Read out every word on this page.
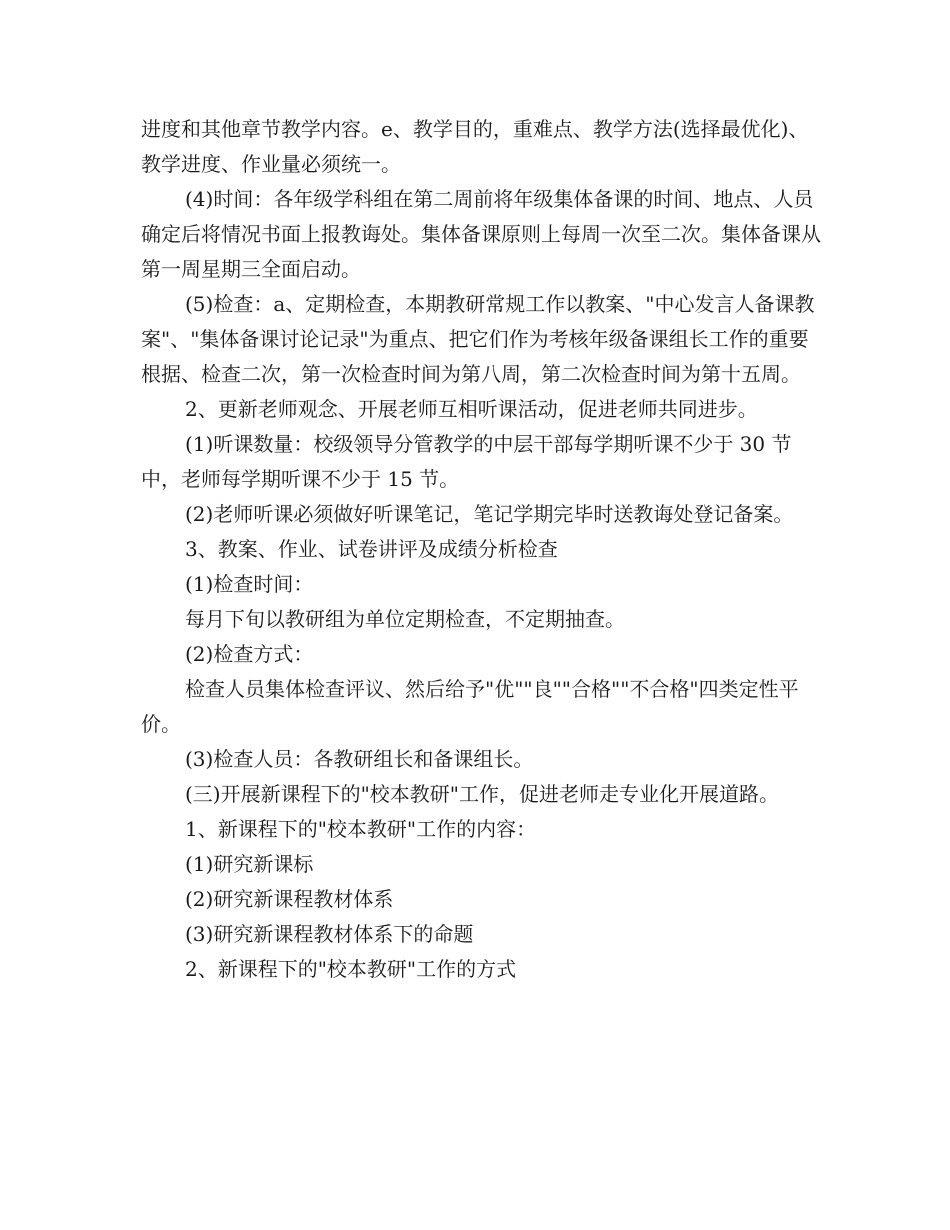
进度和其他章节教学内容。e、教学目的，重难点、教学方法(选择最优化)、教学进度、作业量必须统一。

(4)时间：各年级学科组在第二周前将年级集体备课的时间、地点、人员确定后将情况书面上报教诲处。集体备课原则上每周一次至二次。集体备课从第一周星期三全面启动。

(5)检查：a、定期检查，本期教研常规工作以教案、"中心发言人备课教案"、"集体备课讨论记录"为重点、把它们作为考核年级备课组长工作的重要根据、检查二次，第一次检查时间为第八周，第二次检查时间为第十五周。

2、更新老师观念、开展老师互相听课活动，促进老师共同进步。

(1)听课数量：校级领导分管教学的中层干部每学期听课不少于 30 节中，老师每学期听课不少于 15 节。

(2)老师听课必须做好听课笔记，笔记学期完毕时送教诲处登记备案。

3、教案、作业、试卷讲评及成绩分析检查

(1)检查时间：

每月下旬以教研组为单位定期检查，不定期抽查。

(2)检查方式：

检查人员集体检查评议、然后给予"优""良""合格""不合格"四类定性平价。

(3)检查人员：各教研组长和备课组长。

(三)开展新课程下的"校本教研"工作，促进老师走专业化开展道路。

1、新课程下的"校本教研"工作的内容：

(1)研究新课标

(2)研究新课程教材体系

(3)研究新课程教材体系下的命题

2、新课程下的"校本教研"工作的方式
